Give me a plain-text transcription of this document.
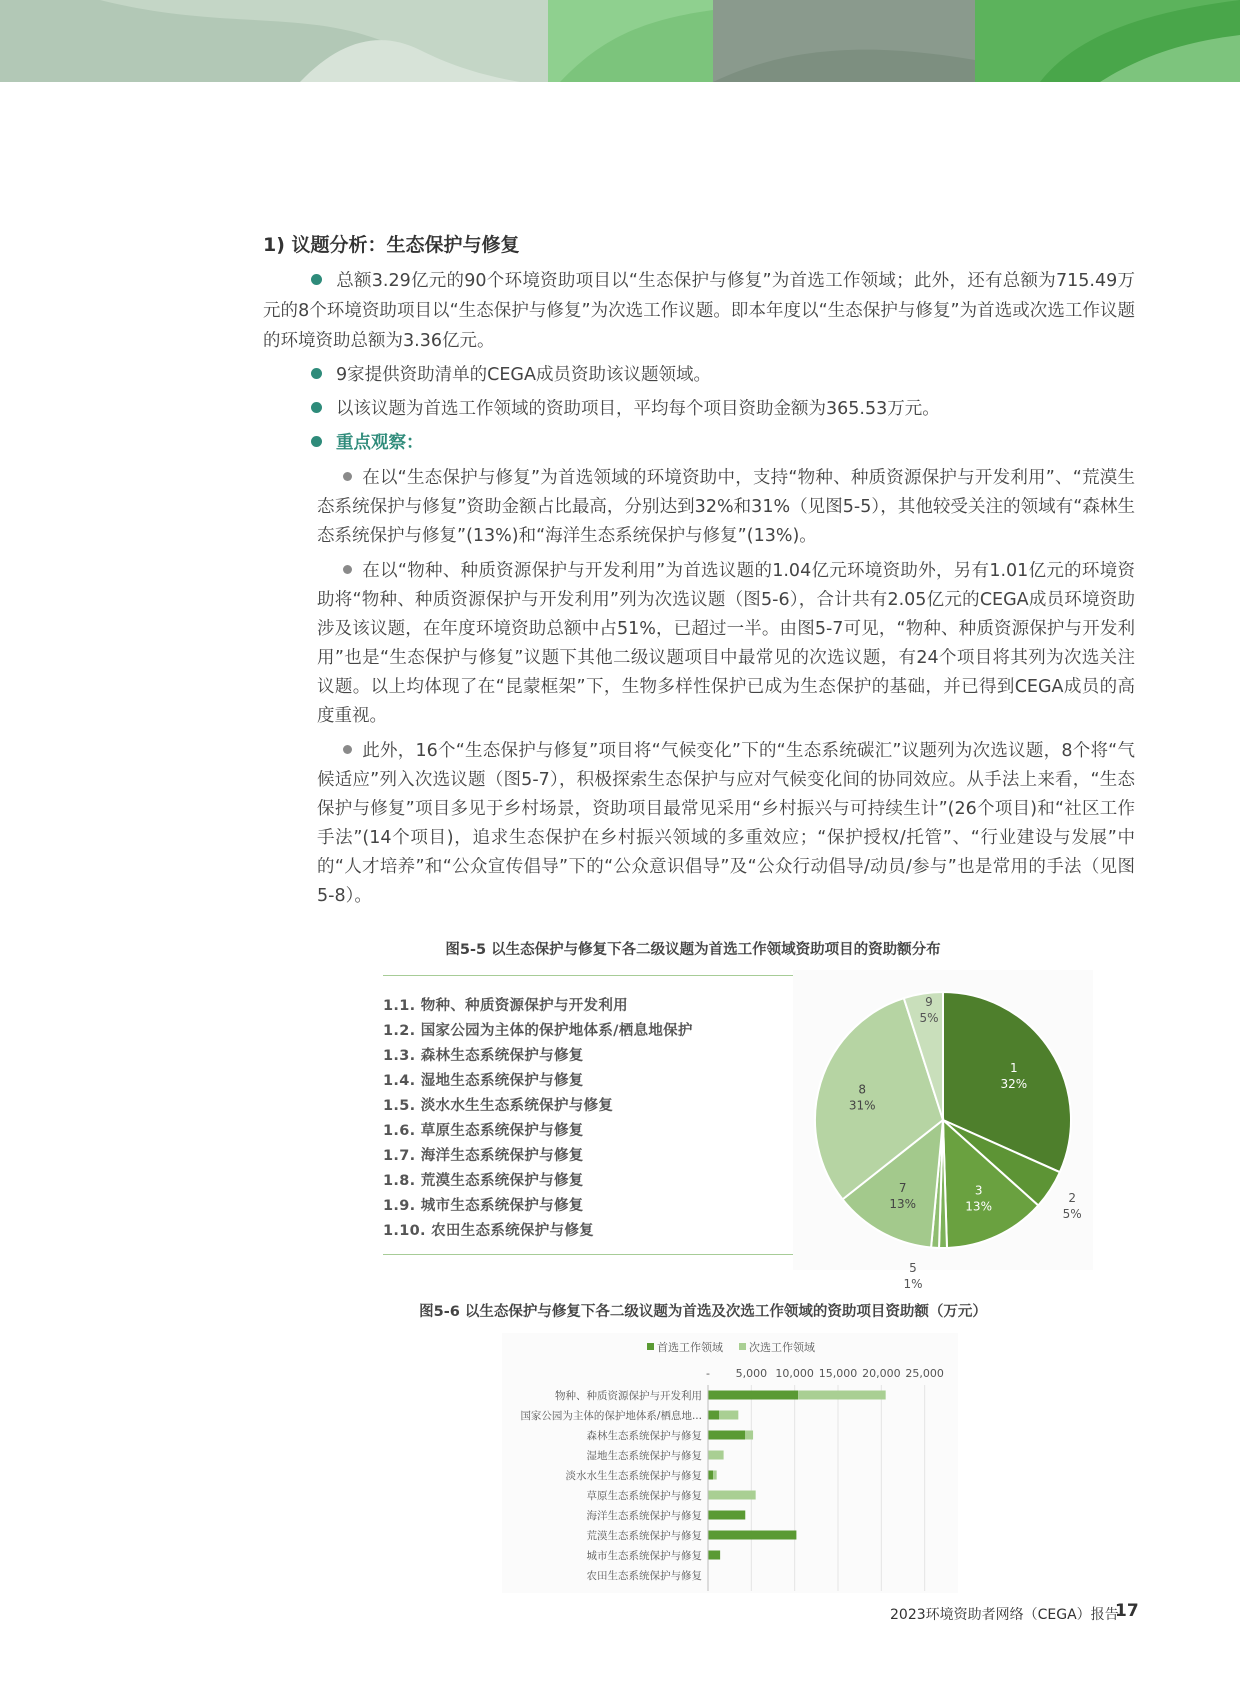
1) 议题分析：生态保护与修复

总额3.29亿元的90个环境资助项目以“生态保护与修复”为首选工作领域；此外，还有总额为715.49万元的8个环境资助项目以“生态保护与修复”为次选工作议题。即本年度以“生态保护与修复”为首选或次选工作议题的环境资助总额为3.36亿元。

9家提供资助清单的CEGA成员资助该议题领域。
以该议题为首选工作领域的资助项目，平均每个项目资助金额为365.53万元。
重点观察：

在以“生态保护与修复”为首选领域的环境资助中，支持“物种、种质资源保护与开发利用”、“荒漠生态系统保护与修复”资助金额占比最高，分别达到32%和31%（见图5-5），其他较受关注的领域有“森林生态系统保护与修复”(13%)和“海洋生态系统保护与修复”(13%)。

在以“物种、种质资源保护与开发利用”为首选议题的1.04亿元环境资助外，另有1.01亿元的环境资助将“物种、种质资源保护与开发利用”列为次选议题（图5-6），合计共有2.05亿元的CEGA成员环境资助涉及该议题，在年度环境资助总额中占51%，已超过一半。由图5-7可见，“物种、种质资源保护与开发利用”也是“生态保护与修复”议题下其他二级议题项目中最常见的次选议题，有24个项目将其列为次选关注议题。以上均体现了在“昆蒙框架”下，生物多样性保护已成为生态保护的基础，并已得到CEGA成员的高度重视。

此外，16个“生态保护与修复”项目将“气候变化”下的“生态系统碳汇”议题列为次选议题，8个将“气候适应”列入次选议题（图5-7），积极探索生态保护与应对气候变化间的协同效应。从手法上来看，“生态保护与修复”项目多见于乡村场景，资助项目最常见采用“乡村振兴与可持续生计”(26个项目)和“社区工作手法”(14个项目)，追求生态保护在乡村振兴领域的多重效应；“保护授权/托管”、“行业建设与发展”中的“人才培养”和“公众宣传倡导”下的“公众意识倡导”及“公众行动倡导/动员/参与”也是常用的手法（见图5-8）。

图5-5 以生态保护与修复下各二级议题为首选工作领域资助项目的资助额分布
1.1. 物种、种质资源保护与开发利用
1.2. 国家公园为主体的保护地体系/栖息地保护
1.3. 森林生态系统保护与修复
1.4. 湿地生态系统保护与修复
1.5. 淡水水生生态系统保护与修复
1.6. 草原生态系统保护与修复
1.7. 海洋生态系统保护与修复
1.8. 荒漠生态系统保护与修复
1.9. 城市生态系统保护与修复
1.10. 农田生态系统保护与修复
1
32%
2
5%
3
13%
5
1%
7
13%
8
31%
9
5%
图5-6 以生态保护与修复下各二级议题为首选及次选工作领域的资助项目资助额（万元）
首选工作领域 次选工作领域
- 5,000 10,000 15,000 20,000 25,000
物种、种质资源保护与开发利用
国家公园为主体的保护地体系/栖息地...
森林生态系统保护与修复
湿地生态系统保护与修复
淡水水生生态系统保护与修复
草原生态系统保护与修复
海洋生态系统保护与修复
荒漠生态系统保护与修复
城市生态系统保护与修复
农田生态系统保护与修复
2023环境资助者网络（CEGA）报告
17
